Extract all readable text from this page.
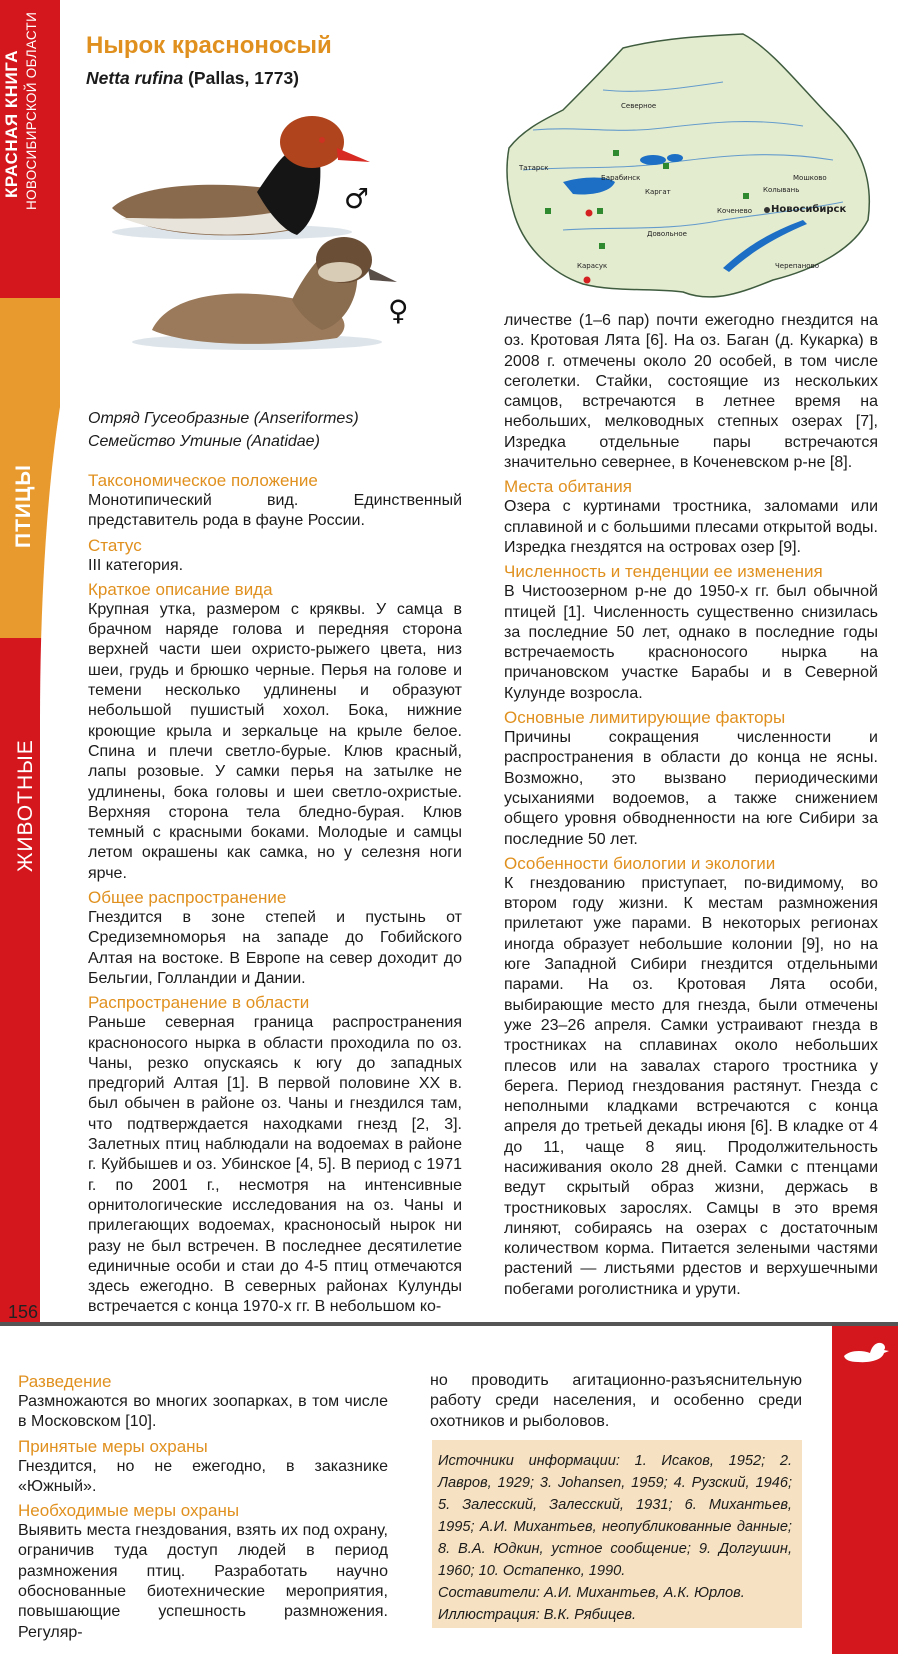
КРАСНАЯ КНИГА НОВОСИБИРСКОЙ ОБЛАСТИ
ПТИЦЫ
ЖИВОТНЫЕ
156
Нырок красноносый
Netta rufina (Pallas, 1773)
♂
♀
Северное
Татарск
Барабинск
Каргат
Коченево Новосибирск
Мошково
Колывань
Довольное
Карасук	Черепаново
Отряд Гусеобразные (Anseriformes)
Семейство Утиные (Anatidae)
Таксономическое положение

Монотипический вид. Единственный представитель рода в фауне России.

Статус

III категория.

Краткое описание вида

Крупная утка, размером с кряквы. У самца в брачном наряде голова и передняя сторона верхней части шеи охристо-рыжего цвета, низ шеи, грудь и брюшко черные. Перья на голове и темени несколько удлинены и образуют небольшой пушистый хохол. Бока, нижние кроющие крыла и зеркальце на крыле белое. Спина и плечи светло-бурые. Клюв красный, лапы розовые. У самки перья на затылке не удлинены, бока головы и шеи светло-охристые. Верхняя сторона тела бледно-бурая. Клюв темный с красными боками. Молодые и самцы летом окрашены как самка, но у селезня ноги ярче.

Общее распространение

Гнездится в зоне степей и пустынь от Средиземноморья на западе до Гобийского Алтая на востоке. В Европе на север доходит до Бельгии, Голландии и Дании.

Распространение в области

Раньше северная граница распространения красноносого нырка в области проходила по оз. Чаны, резко опускаясь к югу до западных предгорий Алтая [1]. В первой половине XX в. был обычен в районе оз. Чаны и гнездился там, что подтверждается находками гнезд [2, 3]. Залетных птиц наблюдали на водоемах в районе г. Куйбышев и оз. Убинское [4, 5]. В период с 1971 г. по 2001 г., несмотря на интенсивные орнитологические исследования на оз. Чаны и прилегающих водоемах, красноносый нырок ни разу не был встречен. В последнее десятилетие единичные особи и стаи до 4-5 птиц отмечаются здесь ежегодно. В северных районах Кулунды встречается с конца 1970-х гг. В небольшом ко-

личестве (1–6 пар) почти ежегодно гнездится на оз. Кротовая Лята [6]. На оз. Баган (д. Кукарка) в 2008 г. отмечены около 20 особей, в том числе сеголетки. Стайки, состоящие из нескольких самцов, встречаются в летнее время на небольших, мелководных степных озерах [7], Изредка отдельные пары встречаются значительно севернее, в Коченевском р-не [8].

Места обитания

Озера с куртинами тростника, заломами или сплавиной и с большими плесами открытой воды. Изредка гнездятся на островах озер [9].

Численность и тенденции ее изменения

В Чистоозерном р-не до 1950-х гг. был обычной птицей [1]. Численность существенно снизилась за последние 50 лет, однако в последние годы встречаемость красноносого нырка на причановском участке Барабы и в Северной Кулунде возросла.

Основные лимитирующие факторы

Причины сокращения численности и распространения в области до конца не ясны. Возможно, это вызвано периодическими усыханиями водоемов, а также снижением общего уровня обводненности на юге Сибири за последние 50 лет.

Особенности биологии и экологии

К гнездованию приступает, по-видимому, во втором году жизни. К местам размножения прилетают уже парами. В некоторых регионах иногда образует небольшие колонии [9], но на юге Западной Сибири гнездится отдельными парами. На оз. Кротовая Лята особи, выбирающие место для гнезда, были отмечены уже 23–26 апреля. Самки устраивают гнезда в тростниках на сплавинах около небольших плесов или на завалах старого тростника у берега. Период гнездования растянут. Гнезда с неполными кладками встречаются с конца апреля до третьей декады июня [6]. В кладке от 4 до 11, чаще 8 яиц. Продолжительность насиживания около 28 дней. Самки с птенцами ведут скрытый образ жизни, держась в тростниковых зарослях. Самцы в это время линяют, собираясь на озерах с достаточным количеством корма. Питается зелеными частями растений — листьями рдестов и верхушечными побегами роголистника и урути.

Разведение

Размножаются во многих зоопарках, в том числе в Московском [10].

Принятые меры охраны

Гнездится, но не ежегодно, в заказнике «Южный».

Необходимые меры охраны

Выявить места гнездования, взять их под охрану, ограничив туда доступ людей в период размножения птиц. Разработать научно обоснованные биотехнические мероприятия, повышающие успешность размножения. Регуляр-

но проводить агитационно-разъяснительную работу среди населения, и особенно среди охотников и рыболовов.

Источники информации: 1. Исаков, 1952; 2. Лавров, 1929; 3. Johansen, 1959; 4. Рузский, 1946; 5. Залесский, Залесский, 1931; 6. Михантьев, 1995; А.И. Михантьев, неопубликованные данные; 8. В.А. Юдкин, устное сообщение; 9. Долгушин, 1960; 10. Остапенко, 1990.

Составители: А.И. Михантьев, А.К. Юрлов.

Иллюстрация: В.К. Рябицев.
